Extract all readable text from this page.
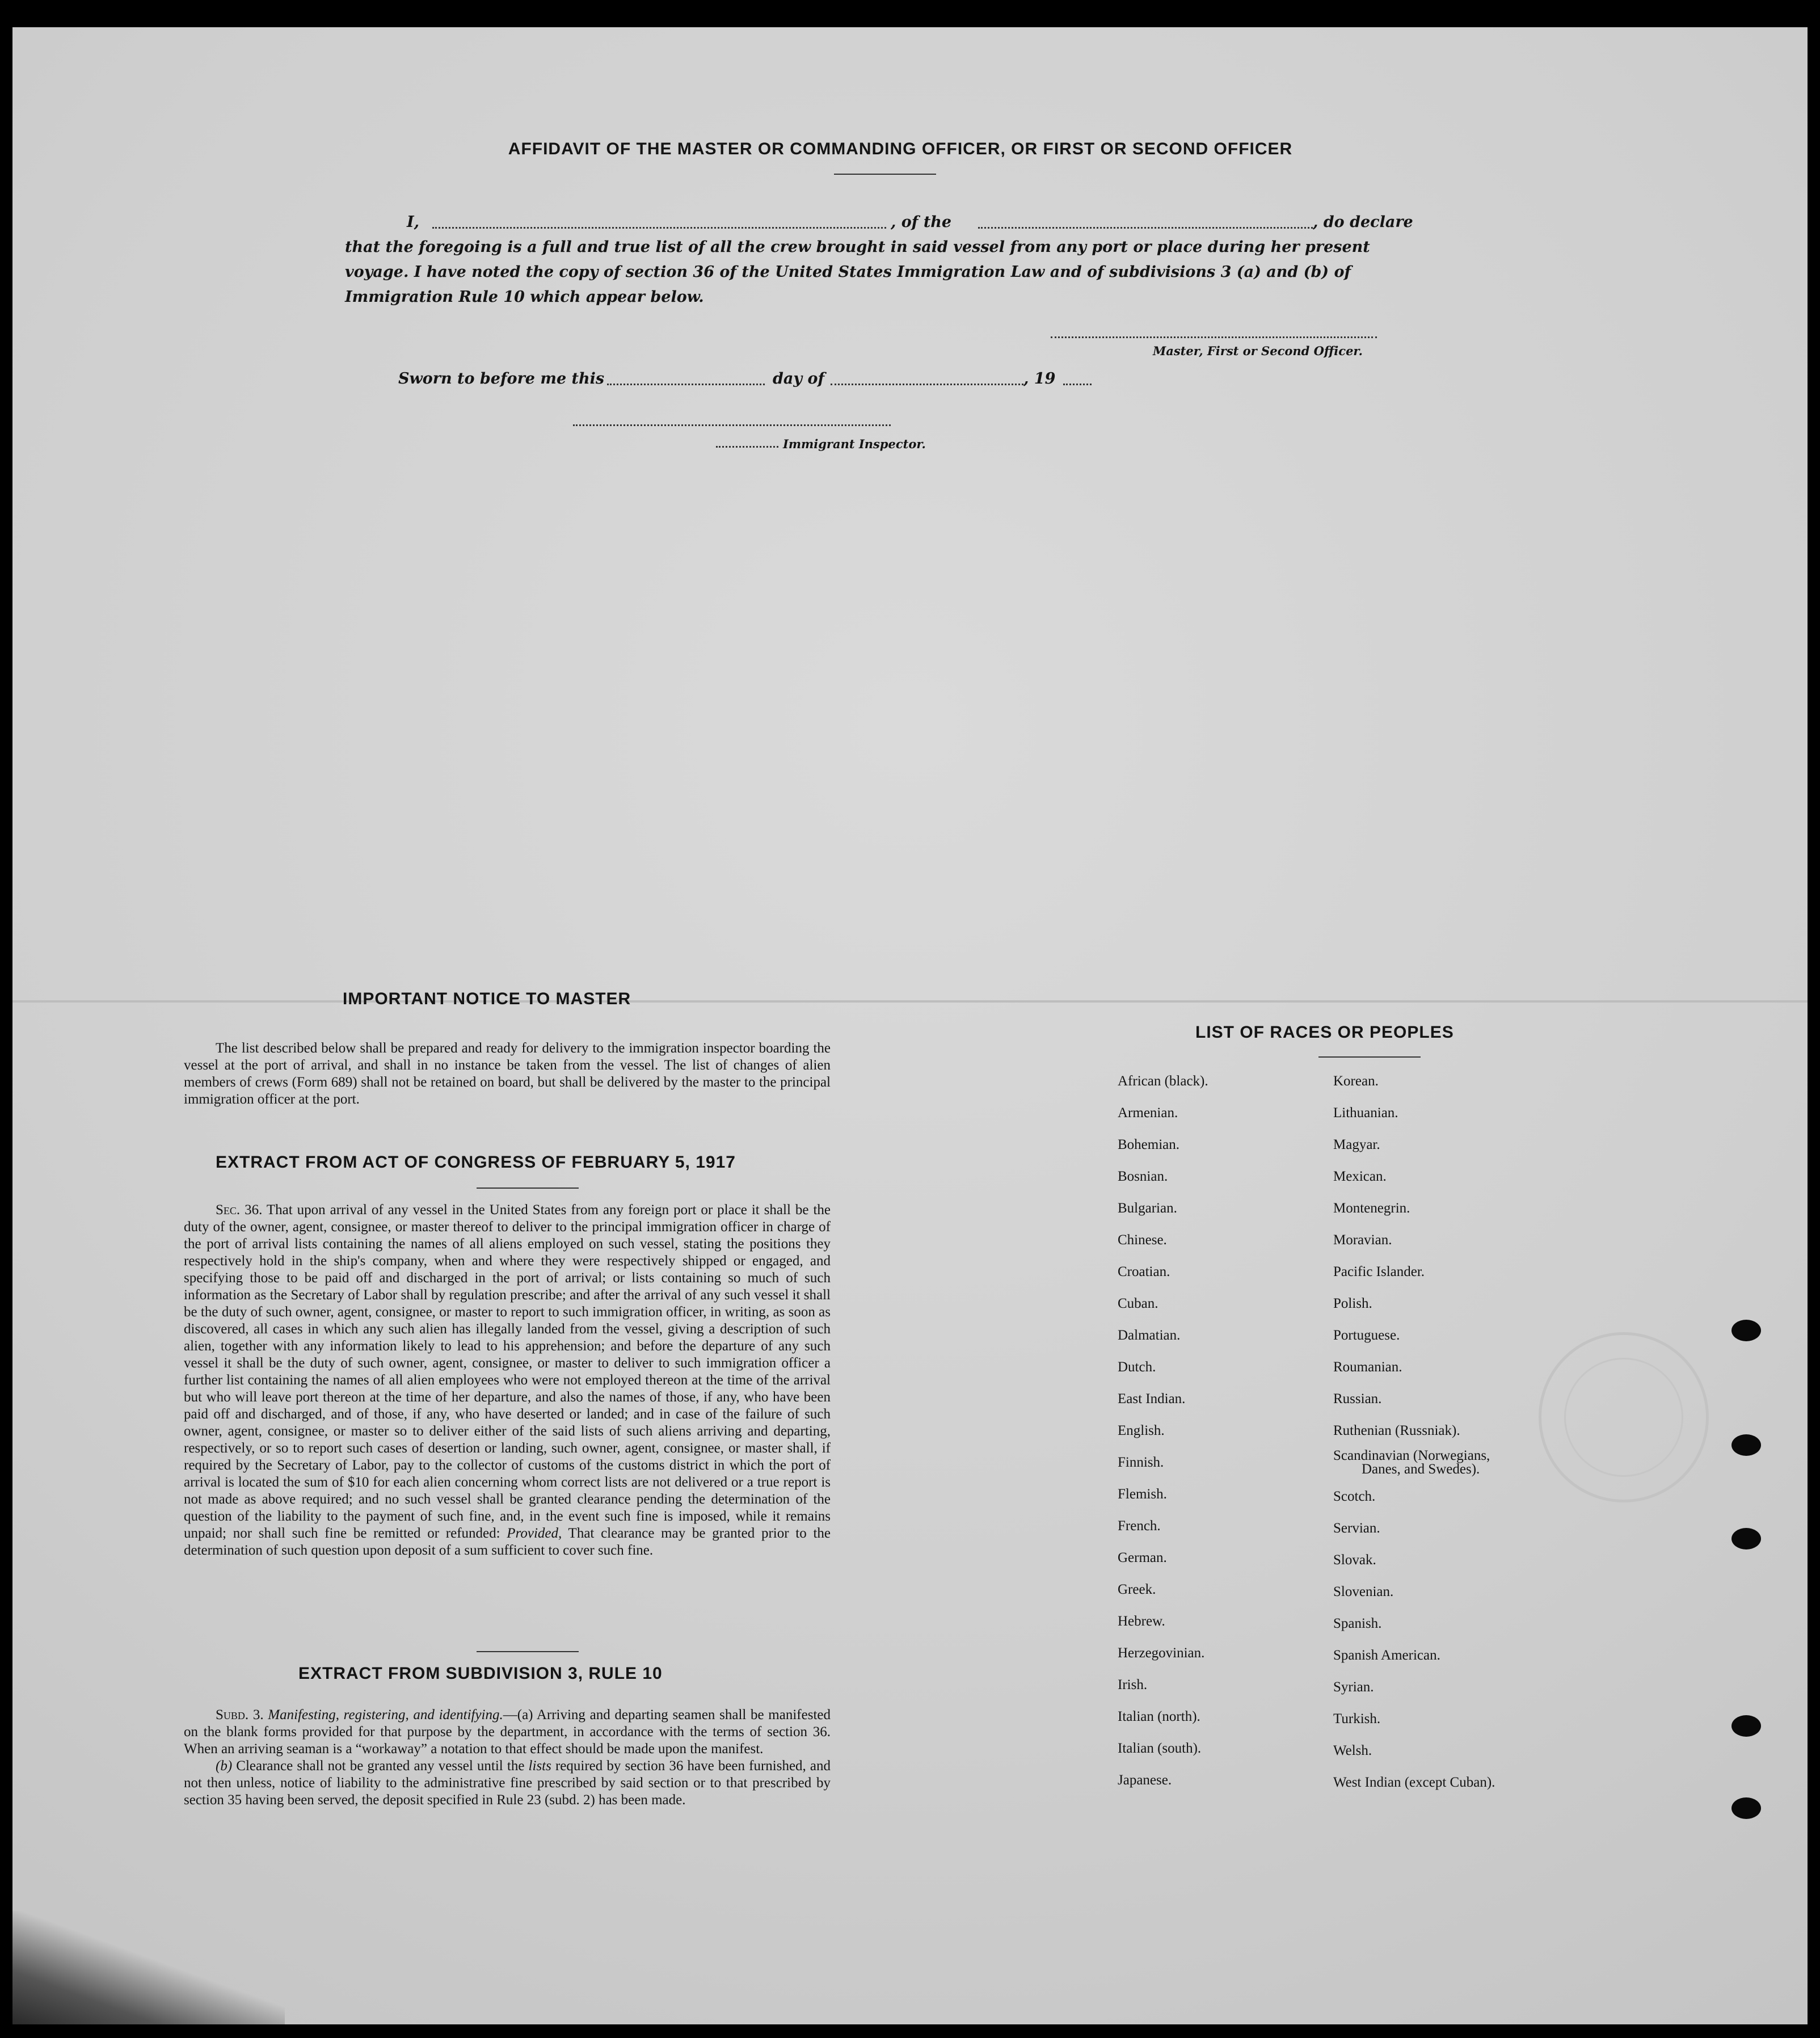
AFFIDAVIT OF THE MASTER OR COMMANDING OFFICER, OR FIRST OR SECOND OFFICER
I,	, of the	, do declare
that the foregoing is a full and true list of all the crew brought in said vessel from any port or place during her present
voyage. I have noted the copy of section 36 of the United States Immigration Law and of subdivisions 3 (a) and (b) of
Immigration Rule 10 which appear below.
Master, First or Second Officer.
Sworn to before me this	day of	, 19
Immigrant Inspector.
IMPORTANT NOTICE TO MASTER
The list described below shall be prepared and ready for delivery to the immigration inspector boarding the vessel at the port of arrival, and shall in no instance be taken from the vessel. The list of changes of alien members of crews (Form 689) shall not be retained on board, but shall be delivered by the master to the principal immigration officer at the port.
EXTRACT FROM ACT OF CONGRESS OF FEBRUARY 5, 1917

Sec. 36. That upon arrival of any vessel in the United States from any foreign port or place it shall be the duty of the owner, agent, consignee, or master thereof to deliver to the principal immigration officer in charge of the port of arrival lists containing the names of all aliens employed on such vessel, stating the positions they respectively hold in the ship's company, when and where they were respectively shipped or engaged, and specifying those to be paid off and discharged in the port of arrival; or lists containing so much of such information as the Secretary of Labor shall by regulation prescribe; and after the arrival of any such vessel it shall be the duty of such owner, agent, consignee, or master to report to such immigration officer, in writing, as soon as discovered, all cases in which any such alien has illegally landed from the vessel, giving a description of such alien, together with any information likely to lead to his apprehension; and before the departure of any such vessel it shall be the duty of such owner, agent, consignee, or master to deliver to such immigration officer a further list containing the names of all alien employees who were not employed thereon at the time of the arrival but who will leave port thereon at the time of her departure, and also the names of those, if any, who have been paid off and discharged, and of those, if any, who have deserted or landed; and in case of the failure of such owner, agent, consignee, or master so to deliver either of the said lists of such aliens arriving and departing, respectively, or so to report such cases of desertion or landing, such owner, agent, consignee, or master shall, if required by the Secretary of Labor, pay to the collector of customs of the customs district in which the port of arrival is located the sum of $10 for each alien concerning whom correct lists are not delivered or a true report is not made as above required; and no such vessel shall be granted clearance pending the determination of the question of the liability to the payment of such fine, and, in the event such fine is imposed, while it remains unpaid; nor shall such fine be remitted or refunded: Provided, That clearance may be granted prior to the determination of such question upon deposit of a sum sufficient to cover such fine.

EXTRACT FROM SUBDIVISION 3, RULE 10

Subd. 3. Manifesting, registering, and identifying.—(a) Arriving and departing seamen shall be manifested on the blank forms provided for that purpose by the department, in accordance with the terms of section 36. When an arriving seaman is a “workaway” a notation to that effect should be made upon the manifest.

(b) Clearance shall not be granted any vessel until the lists required by section 36 have been furnished, and not then unless, notice of liability to the administrative fine prescribed by said section or to that prescribed by section 35 having been served, the deposit specified in Rule 23 (subd. 2) has been made.

LIST OF RACES OR PEOPLES
African (black).
Armenian.
Bohemian.
Bosnian.
Bulgarian.
Chinese.
Croatian.
Cuban.
Dalmatian.
Dutch.
East Indian.
English.
Finnish.
Flemish.
French.
German.
Greek.
Hebrew.
Herzegovinian.
Irish.
Italian (north).
Italian (south).
Japanese.
Korean.
Lithuanian.
Magyar.
Mexican.
Montenegrin.
Moravian.
Pacific Islander.
Polish.
Portuguese.
Roumanian.
Russian.
Ruthenian (Russniak).
Scandinavian (Norwegians,
Danes, and Swedes).
Scotch.
Servian.
Slovak.
Slovenian.
Spanish.
Spanish American.
Syrian.
Turkish.
Welsh.
West Indian (except Cuban).
